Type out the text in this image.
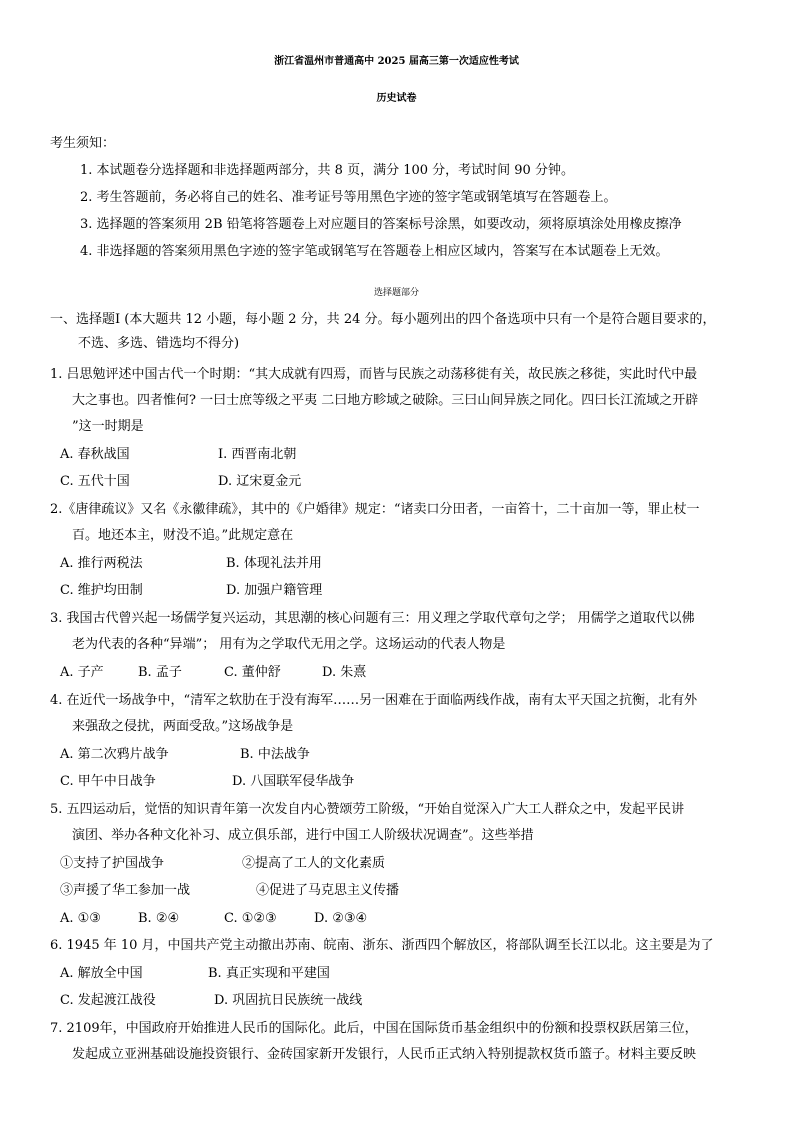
浙江省温州市普通高中 2025 届高三第一次适应性考试
历史试卷
考生须知：
1. 本试题卷分选择题和非选择题两部分，共 8 页，满分 100 分，考试时间 90 分钟。
2. 考生答题前，务必将自己的姓名、准考证号等用黑色字迹的签字笔或钢笔填写在答题卷上。
3. 选择题的答案须用 2B 铅笔将答题卷上对应题目的答案标号涂黑，如要改动，须将原填涂处用橡皮擦净
4. 非选择题的答案须用黑色字迹的签字笔或钢笔写在答题卷上相应区域内，答案写在本试题卷上无效。
选择题部分
一、选择题Ⅰ (本大题共 12 小题，每小题 2 分，共 24 分。每小题列出的四个备选项中只有一个是符合题目要求的，
不选、多选、错选均不得分)
1. 吕思勉评述中国古代一个时期：“其大成就有四焉，而皆与民族之动荡移徙有关，故民族之移徙，实此时代中最
大之事也。四者惟何? 一曰士庶等级之平夷 二曰地方畛域之破除。三曰山间异族之同化。四曰长江流域之开辟
”这一时期是
A. 春秋战国	Ⅰ. 西晋南北朝
C. 五代十国	D. 辽宋夏金元
2.《唐律疏议》又名《永徽律疏》，其中的《户婚律》规定：“诸卖口分田者，一亩笞十，二十亩加一等，罪止杖一
百。地还本主，财没不追。”此规定意在
A. 推行两税法	B. 体现礼法并用
C. 维护均田制	D. 加强户籍管理
3. 我国古代曾兴起一场儒学复兴运动，其思潮的核心问题有三：用义理之学取代章句之学； 用儒学之道取代以佛
老为代表的各种“异端”； 用有为之学取代无用之学。这场运动的代表人物是
A. 子产	B. 孟子	C. 董仲舒	D. 朱熹
4. 在近代一场战争中，“清军之软肋在于没有海军……另一困难在于面临两线作战，南有太平天国之抗衡，北有外
来强敌之侵扰，两面受敌。”这场战争是
A. 第二次鸦片战争	B. 中法战争
C. 甲午中日战争	D. 八国联军侵华战争
5. 五四运动后，觉悟的知识青年第一次发自内心赞颂劳工阶级，“开始自觉深入广大工人群众之中，发起平民讲
演团、举办各种文化补习、成立俱乐部，进行中国工人阶级状况调查”。这些举措
①支持了护国战争	②提高了工人的文化素质
③声援了华工参加一战	④促进了马克思主义传播
A. ①③	B. ②④	C. ①②③	D. ②③④
6. 1945 年 10 月，中国共产党主动撤出苏南、皖南、浙东、浙西四个解放区，将部队调至长江以北。这主要是为了
A. 解放全中国	B. 真正实现和平建国
C. 发起渡江战役	D. 巩固抗日民族统一战线
7. 2109年，中国政府开始推进人民币的国际化。此后，中国在国际货币基金组织中的份额和投票权跃居第三位，
发起成立亚洲基础设施投资银行、金砖国家新开发银行，人民币正式纳入特别提款权货币篮子。材料主要反映
